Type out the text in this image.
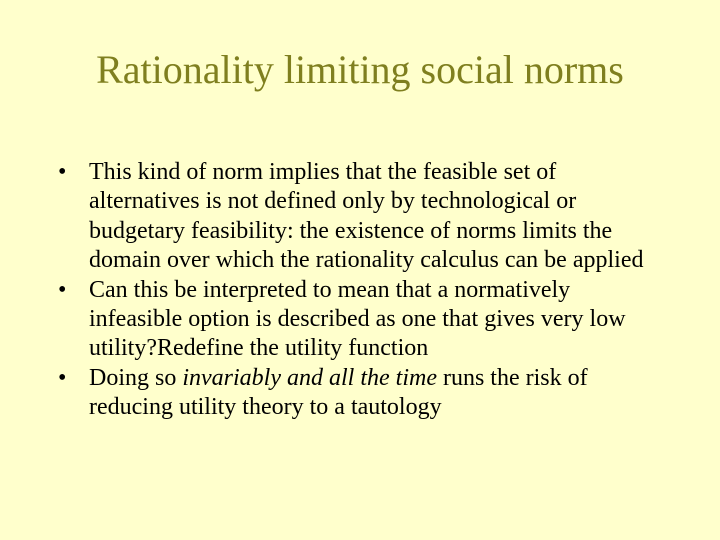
Rationality limiting social norms
• This kind of norm implies that the feasible set of alternatives is not defined only by technological or budgetary feasibility: the existence of norms limits the domain over which the rationality calculus can be applied
• Can this be interpreted to mean that a normatively infeasible option is described as one that gives very low utility?Redefine the utility function
• Doing so invariably and all the time runs the risk of reducing utility theory to a tautology
